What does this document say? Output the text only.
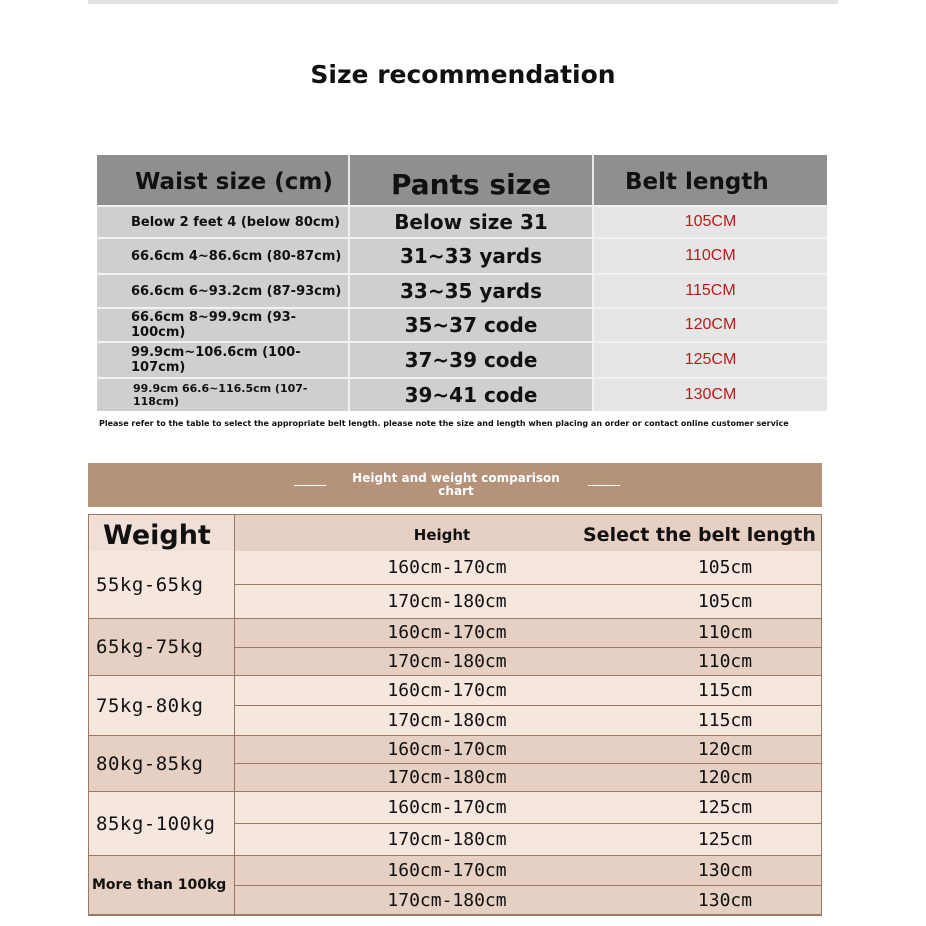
Size recommendation
Waist size (cm)	Pants size	Belt length
Below 2 feet 4 (below 80cm)	Below size 31	105CM
66.6cm 4~86.6cm (80-87cm)	31~33 yards	110CM
66.6cm 6~93.2cm (87-93cm)	33~35 yards	115CM
66.6cm 8~99.9cm (93-100cm)	35~37 code	120CM
99.9cm~106.6cm (100-107cm)	37~39 code	125CM
99.9cm 66.6~116.5cm (107-118cm)	39~41 code	130CM
Please refer to the table to select the appropriate belt length. please note the size and length when placing an order or contact online customer service
Height and weight comparison chart
Weight	Height	Select the belt length
55kg-65kg
160cm-170cm	105cm
170cm-180cm	105cm
65kg-75kg
160cm-170cm	110cm
170cm-180cm	110cm
75kg-80kg
160cm-170cm	115cm
170cm-180cm	115cm
80kg-85kg
160cm-170cm	120cm
170cm-180cm	120cm
85kg-100kg
160cm-170cm	125cm
170cm-180cm	125cm
More than 100kg
160cm-170cm	130cm
170cm-180cm	130cm
